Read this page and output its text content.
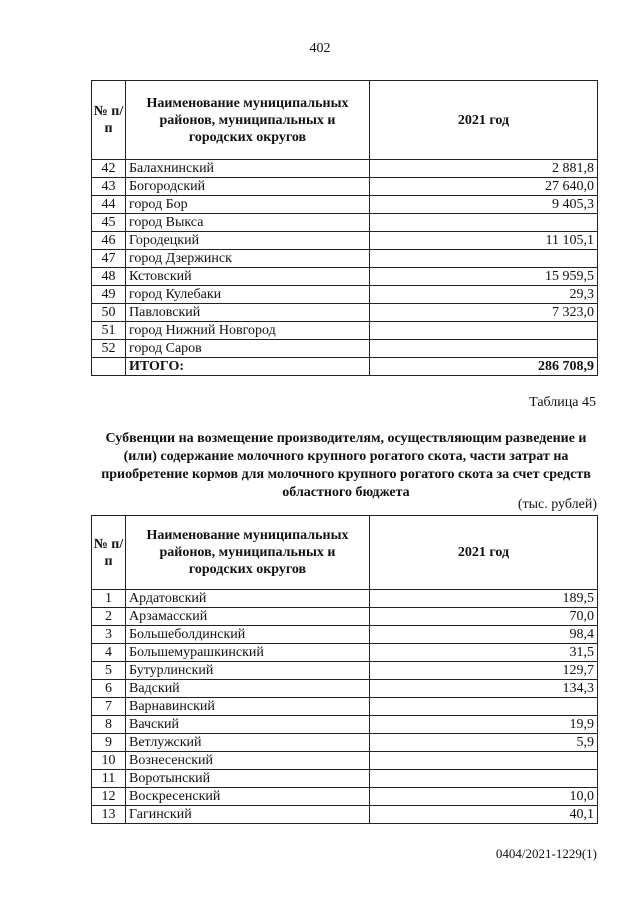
402
№ п/п	Наименование муниципальных районов, муниципальных и городских округов	2021 год
42	Балахнинский	2 881,8
43	Богородский	27 640,0
44	город Бор	9 405,3
45	город Выкса	
46	Городецкий	11 105,1
47	город Дзержинск	
48	Кстовский	15 959,5
49	город Кулебаки	29,3
50	Павловский	7 323,0
51	город Нижний Новгород	
52	город Саров	
	ИТОГО:	286 708,9
Таблица 45
Субвенции на возмещение производителям, осуществляющим разведение и (или) содержание молочного крупного рогатого скота, части затрат на приобретение кормов для молочного крупного рогатого скота за счет средств областного бюджета
(тыс. рублей)
№ п/п	Наименование муниципальных районов, муниципальных и городских округов	2021 год
1	Ардатовский	189,5
2	Арзамасский	70,0
3	Большеболдинский	98,4
4	Большемурашкинский	31,5
5	Бутурлинский	129,7
6	Вадский	134,3
7	Варнавинский	
8	Вачский	19,9
9	Ветлужский	5,9
10	Вознесенский	
11	Воротынский	
12	Воскресенский	10,0
13	Гагинский	40,1
0404/2021-1229(1)
